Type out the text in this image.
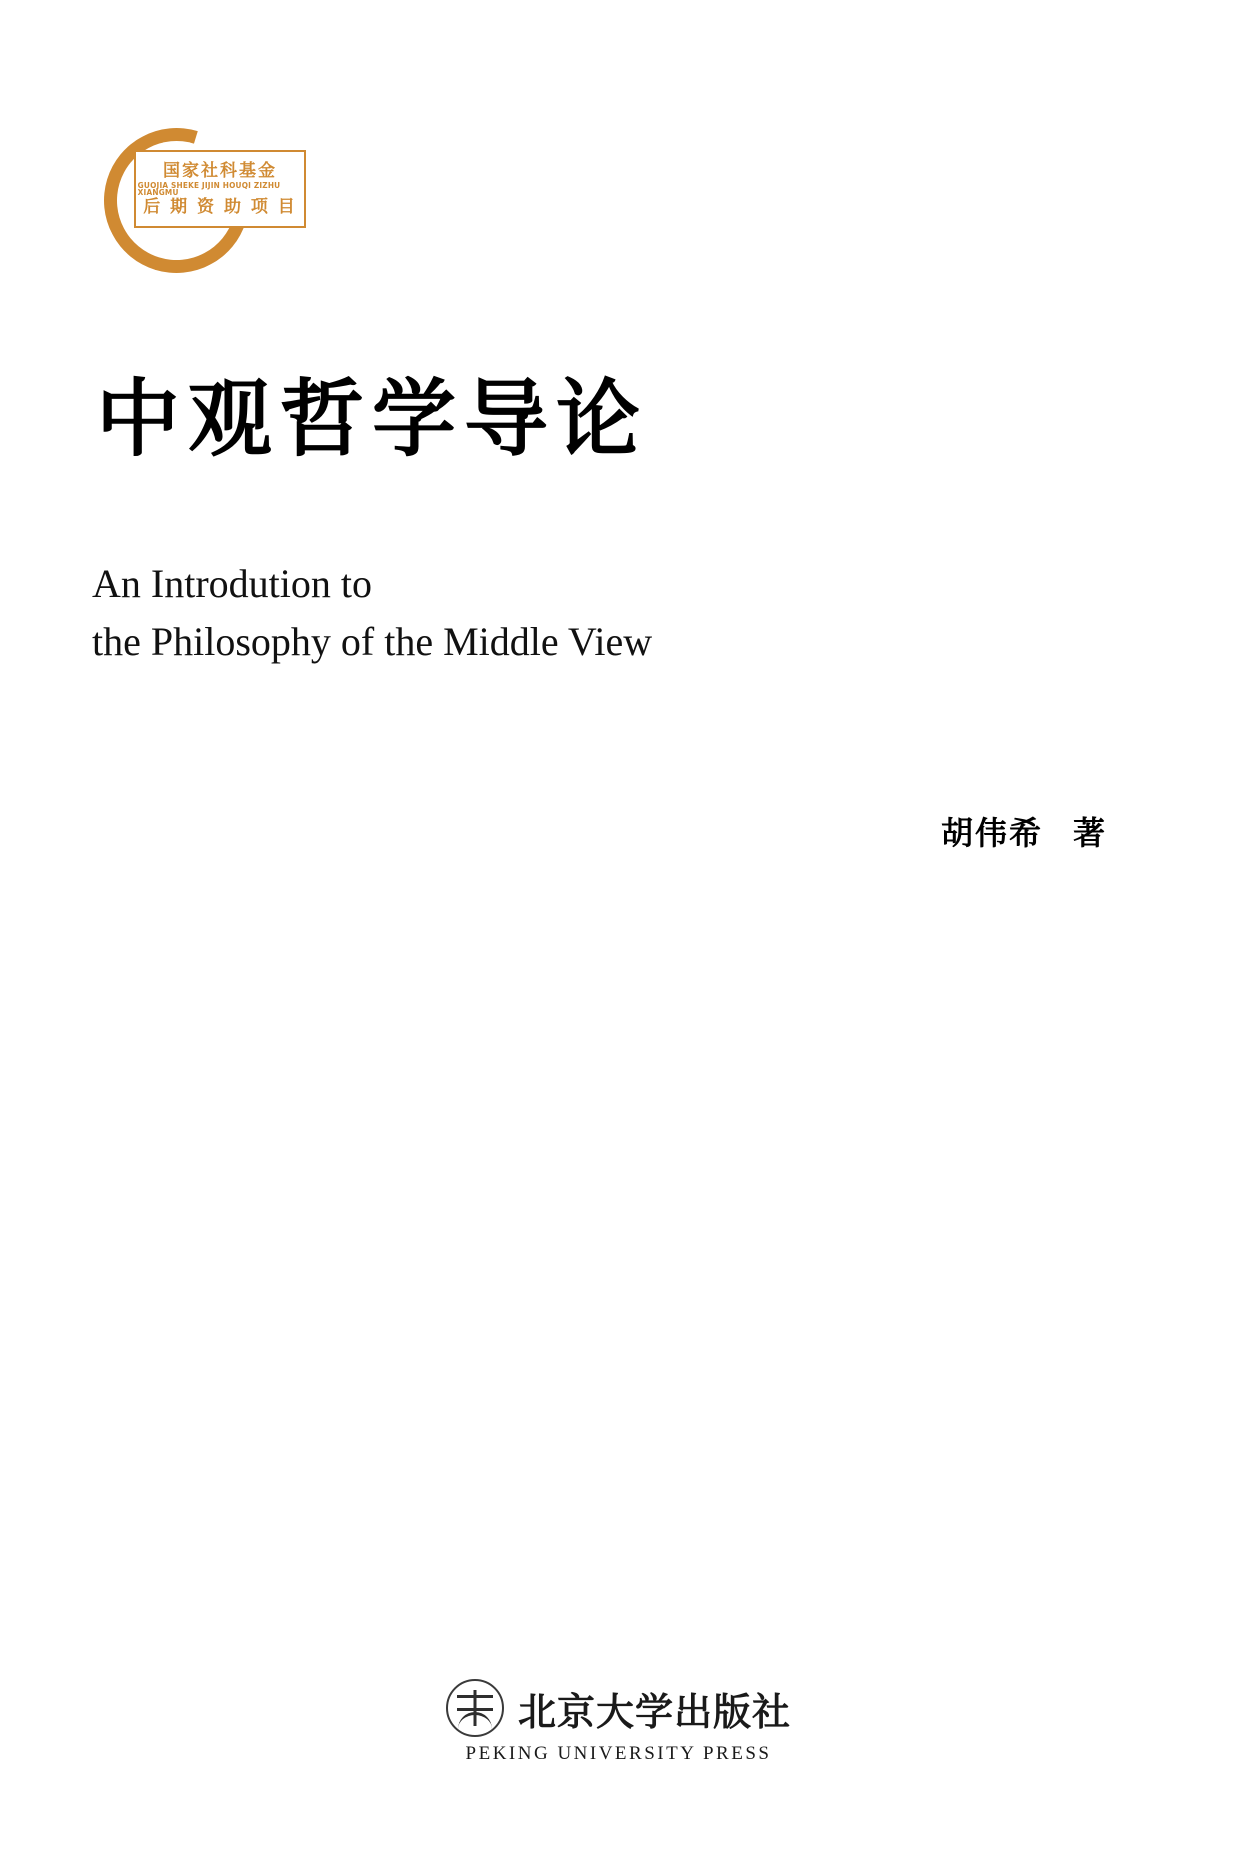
国家社科基金
GUOJIA SHEKE JIJIN HOUQI ZIZHU XIANGMU
后 期 资 助 项 目
中观哲学导论
An Introdution to
the Philosophy of the Middle View
胡伟希 著
北京大学出版社
PEKING UNIVERSITY PRESS
